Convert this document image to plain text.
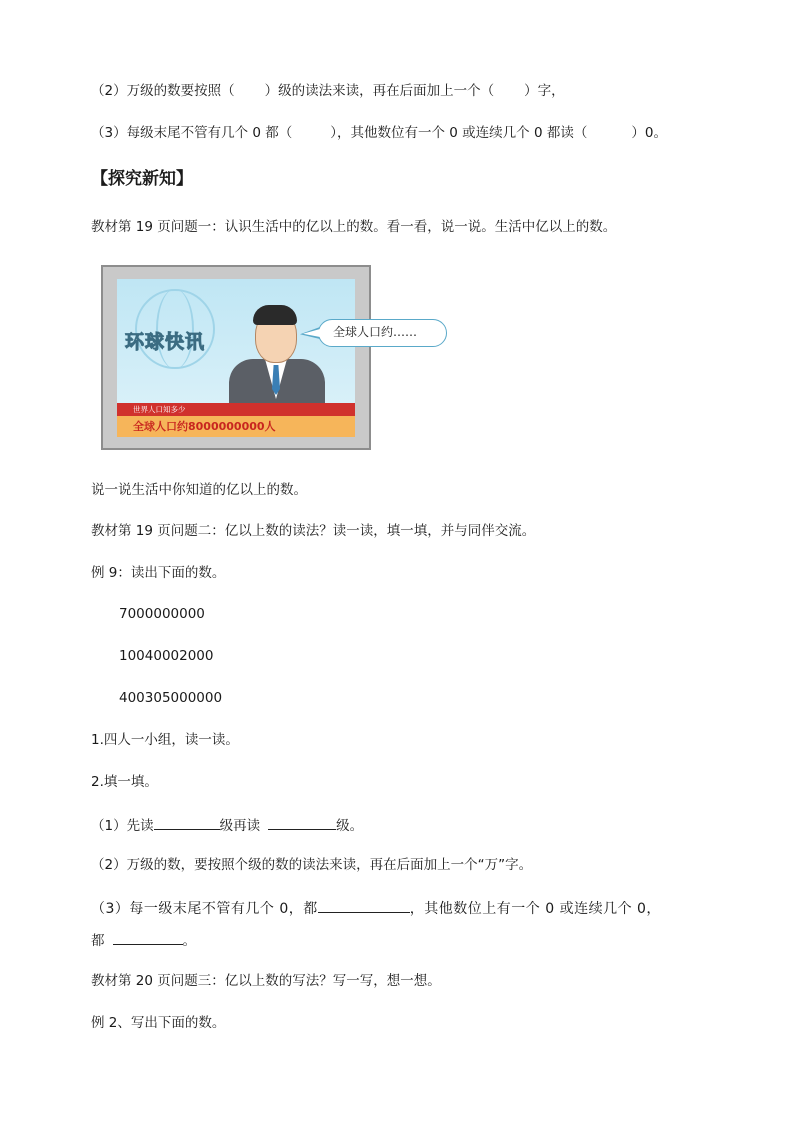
（2）万级的数要按照（ ）级的读法来读，再在后面加上一个（ ）字，
（3）每级末尾不管有几个 0 都（	），其他数位有一个 0 或连续几个 0 都读（	）0。
【探究新知】
教材第 19 页问题一：认识生活中的亿以上的数。看一看，说一说。生活中亿以上的数。
环球快讯
世界人口知多少
全球人口约8000000000人
全球人口约……
说一说生活中你知道的亿以上的数。
教材第 19 页问题二：亿以上数的读法？读一读，填一填，并与同伴交流。
例 9：读出下面的数。
7000000000
10040002000
400305000000
1.四人一小组，读一读。
2.填一填。
（1）先读	级再读	级。
（2）万级的数，要按照个级的数的读法来读，再在后面加上一个“万”字。
（3）每一级末尾不管有几个 0，都	，其他数位上有一个 0 或连续几个 0，
都	。
教材第 20 页问题三：亿以上数的写法？写一写，想一想。
例 2、写出下面的数。
